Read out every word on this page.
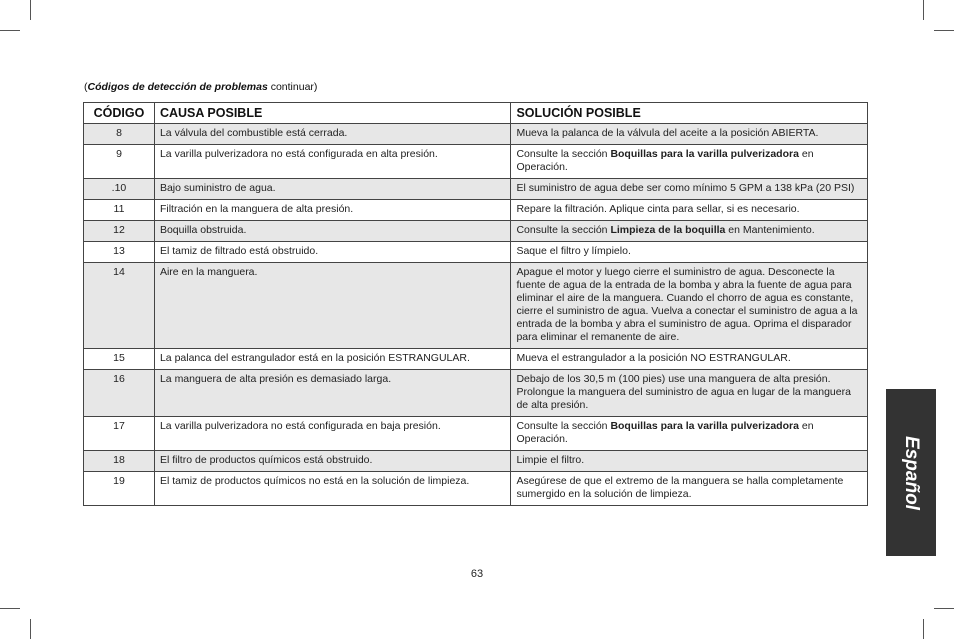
(Códigos de detección de problemas continuar)
CÓDIGO	CAUSA POSIBLE	SOLUCIÓN POSIBLE
8	La válvula del combustible está cerrada.	Mueva la palanca de la válvula del aceite a la posición ABIERTA.
9	La varilla pulverizadora no está configurada en alta presión.	Consulte la sección Boquillas para la varilla pulverizadora en Operación.
.10	Bajo suministro de agua.	El suministro de agua debe ser como mínimo 5 GPM a 138 kPa (20 PSI)
11	Filtración en la manguera de alta presión.	Repare la filtración. Aplique cinta para sellar, si es necesario.
12	Boquilla obstruida.	Consulte la sección Limpieza de la boquilla en Mantenimiento.
13	El tamiz de filtrado está obstruido.	Saque el filtro y límpielo.
14	Aire en la manguera.	Apague el motor y luego cierre el suministro de agua. Desconecte la fuente de agua de la entrada de la bomba y abra la fuente de agua para eliminar el aire de la manguera. Cuando el chorro de agua es constante, cierre el suministro de agua. Vuelva a conectar el suministro de agua a la entrada de la bomba y abra el suministro de agua. Oprima el disparador para eliminar el remanente de aire.
15	La palanca del estrangulador está en la posición ESTRANGULAR.	Mueva el estrangulador a la posición NO ESTRANGULAR.
16	La manguera de alta presión es demasiado larga.	Debajo de los 30,5 m (100 pies) use una manguera de alta presión. Prolongue la manguera del suministro de agua en lugar de la manguera de alta presión.
17	La varilla pulverizadora no está configurada en baja presión.	Consulte la sección Boquillas para la varilla pulverizadora en Operación.
18	El filtro de productos químicos está obstruido.	Limpie el filtro.
19	El tamiz de productos químicos no está en la solución de limpieza.	Asegúrese de que el extremo de la manguera se halla completamente sumergido en la solución de limpieza.	Español
63
